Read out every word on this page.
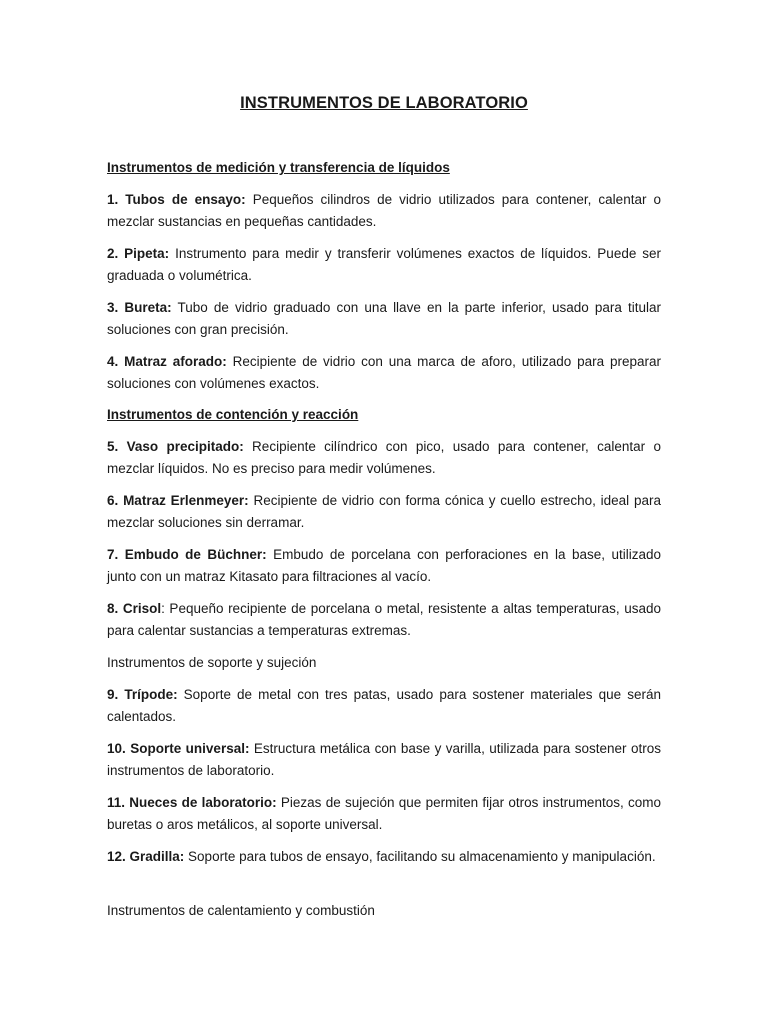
INSTRUMENTOS DE LABORATORIO
Instrumentos de medición y transferencia de líquidos
1. Tubos de ensayo: Pequeños cilindros de vidrio utilizados para contener, calentar o mezclar sustancias en pequeñas cantidades.
2. Pipeta: Instrumento para medir y transferir volúmenes exactos de líquidos. Puede ser graduada o volumétrica.
3. Bureta: Tubo de vidrio graduado con una llave en la parte inferior, usado para titular soluciones con gran precisión.
4. Matraz aforado: Recipiente de vidrio con una marca de aforo, utilizado para preparar soluciones con volúmenes exactos.
Instrumentos de contención y reacción
5. Vaso precipitado: Recipiente cilíndrico con pico, usado para contener, calentar o mezclar líquidos. No es preciso para medir volúmenes.
6. Matraz Erlenmeyer: Recipiente de vidrio con forma cónica y cuello estrecho, ideal para mezclar soluciones sin derramar.
7. Embudo de Büchner: Embudo de porcelana con perforaciones en la base, utilizado junto con un matraz Kitasato para filtraciones al vacío.
8. Crisol: Pequeño recipiente de porcelana o metal, resistente a altas temperaturas, usado para calentar sustancias a temperaturas extremas.
Instrumentos de soporte y sujeción
9. Trípode: Soporte de metal con tres patas, usado para sostener materiales que serán calentados.
10. Soporte universal: Estructura metálica con base y varilla, utilizada para sostener otros instrumentos de laboratorio.
11. Nueces de laboratorio: Piezas de sujeción que permiten fijar otros instrumentos, como buretas o aros metálicos, al soporte universal.
12. Gradilla: Soporte para tubos de ensayo, facilitando su almacenamiento y manipulación.
Instrumentos de calentamiento y combustión
